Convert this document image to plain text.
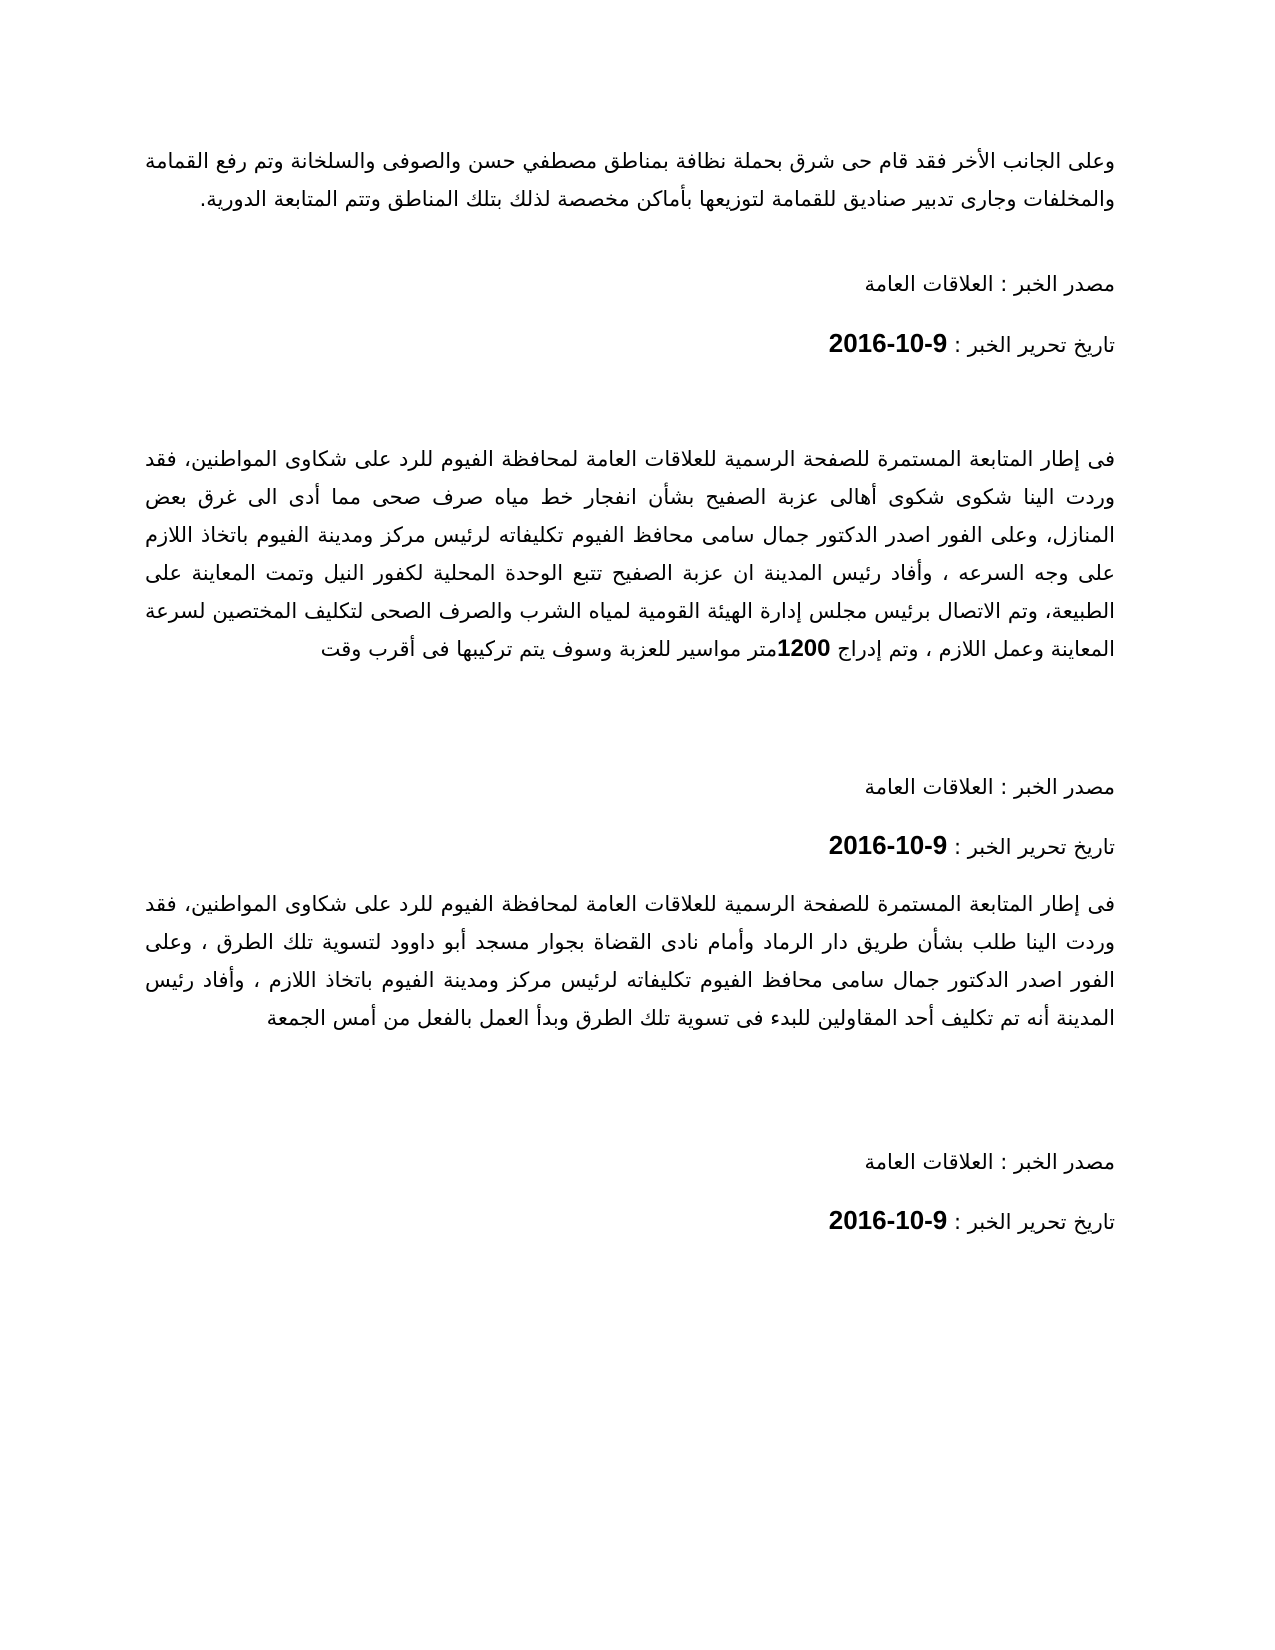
وعلى الجانب الأخر فقد قام حى شرق بحملة نظافة بمناطق مصطفي حسن والصوفى والسلخانة وتم رفع القمامة والمخلفات وجارى تدبير صناديق للقمامة لتوزيعها بأماكن مخصصة لذلك بتلك المناطق وتتم المتابعة الدورية.

مصدر الخبر : العلاقات العامة
تاريخ تحرير الخبر : 2016-10-9

فى إطار المتابعة المستمرة للصفحة الرسمية للعلاقات العامة لمحافظة الفيوم للرد على شكاوى المواطنين، فقد وردت الينا شكوى شكوى أهالى عزبة الصفيح بشأن انفجار خط مياه صرف صحى مما أدى الى غرق بعض المنازل، وعلى الفور اصدر الدكتور جمال سامى محافظ الفيوم تكليفاته لرئيس مركز ومدينة الفيوم باتخاذ اللازم على وجه السرعه ، وأفاد رئيس المدينة ان عزبة الصفيح تتبع الوحدة المحلية لكفور النيل وتمت المعاينة على الطبيعة، وتم الاتصال برئيس مجلس إدارة الهيئة القومية لمياه الشرب والصرف الصحى لتكليف المختصين لسرعة المعاينة وعمل اللازم ، وتم إدراج 1200متر مواسير للعزبة وسوف يتم تركيبها فى أقرب وقت

مصدر الخبر : العلاقات العامة
تاريخ تحرير الخبر : 2016-10-9

فى إطار المتابعة المستمرة للصفحة الرسمية للعلاقات العامة لمحافظة الفيوم للرد على شكاوى المواطنين، فقد وردت الينا طلب بشأن طريق دار الرماد وأمام نادى القضاة بجوار مسجد أبو داوود لتسوية تلك الطرق ، وعلى الفور اصدر الدكتور جمال سامى محافظ الفيوم تكليفاته لرئيس مركز ومدينة الفيوم باتخاذ اللازم ، وأفاد رئيس المدينة أنه تم تكليف أحد المقاولين للبدء فى تسوية تلك الطرق وبدأ العمل بالفعل من أمس الجمعة

مصدر الخبر : العلاقات العامة
تاريخ تحرير الخبر : 2016-10-9
